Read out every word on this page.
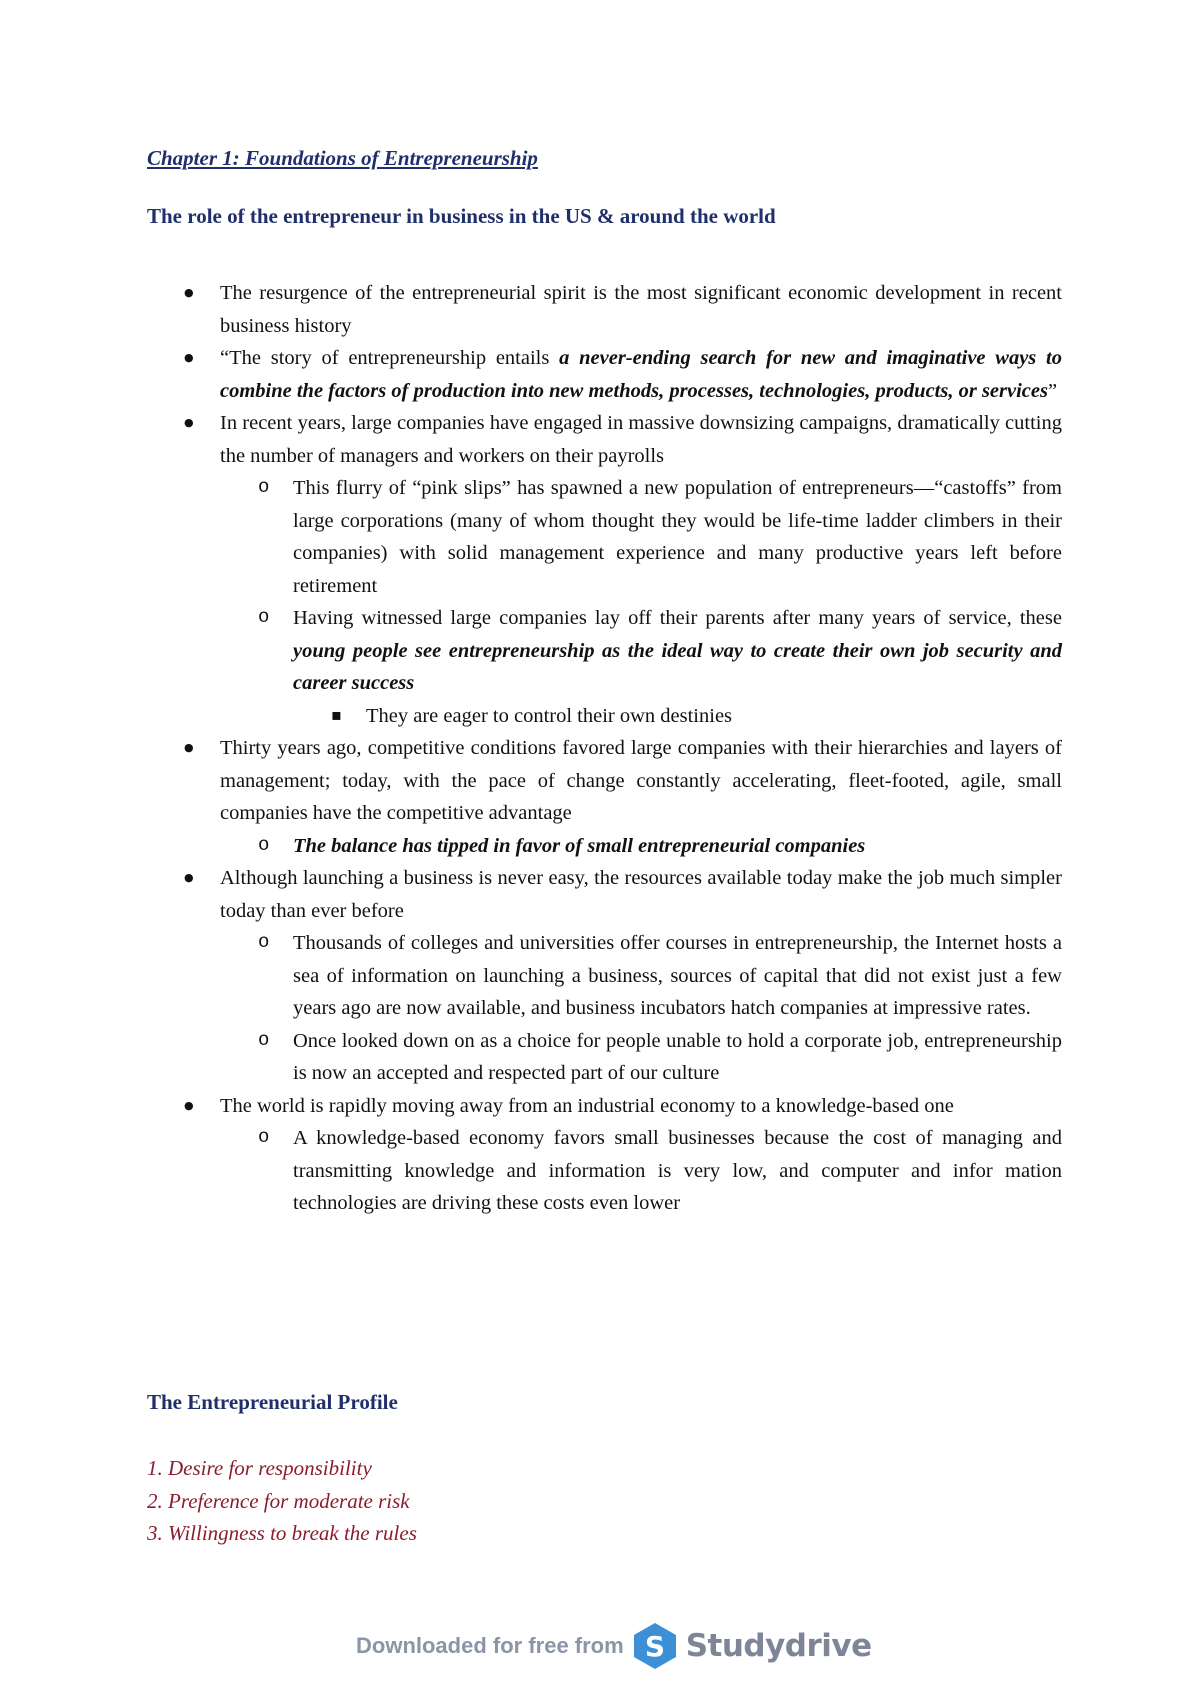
Chapter 1: Foundations of Entrepreneurship
The role of the entrepreneur in business in the US & around the world
● The resurgence of the entrepreneurial spirit is the most significant economic development in recent business history
● “The story of entrepreneurship entails a never-ending search for new and imaginative ways to combine the factors of production into new methods, processes, technologies, products, or services”
● In recent years, large companies have engaged in massive downsizing campaigns, dramatically cutting the number of managers and workers on their payrolls
o This flurry of “pink slips” has spawned a new population of entrepreneurs—“castoffs” from large corporations (many of whom thought they would be life-time ladder climbers in their companies) with solid management experience and many productive years left before retirement
o Having witnessed large companies lay off their parents after many years of service, these young people see entrepreneurship as the ideal way to create their own job security and career success
▪ They are eager to control their own destinies
● Thirty years ago, competitive conditions favored large companies with their hierarchies and layers of management; today, with the pace of change constantly accelerating, fleet-footed, agile, small companies have the competitive advantage
o The balance has tipped in favor of small entrepreneurial companies
● Although launching a business is never easy, the resources available today make the job much simpler today than ever before
o Thousands of colleges and universities offer courses in entrepreneurship, the Internet hosts a sea of information on launching a business, sources of capital that did not exist just a few years ago are now available, and business incubators hatch companies at impressive rates.
o Once looked down on as a choice for people unable to hold a corporate job, entrepreneurship is now an accepted and respected part of our culture
● The world is rapidly moving away from an industrial economy to a knowledge-based one
o A knowledge-based economy favors small businesses because the cost of managing and transmitting knowledge and information is very low, and computer and infor mation technologies are driving these costs even lower
The Entrepreneurial Profile
1. Desire for responsibility
2. Preference for moderate risk
3. Willingness to break the rules
Downloaded for free from S Studydrive
